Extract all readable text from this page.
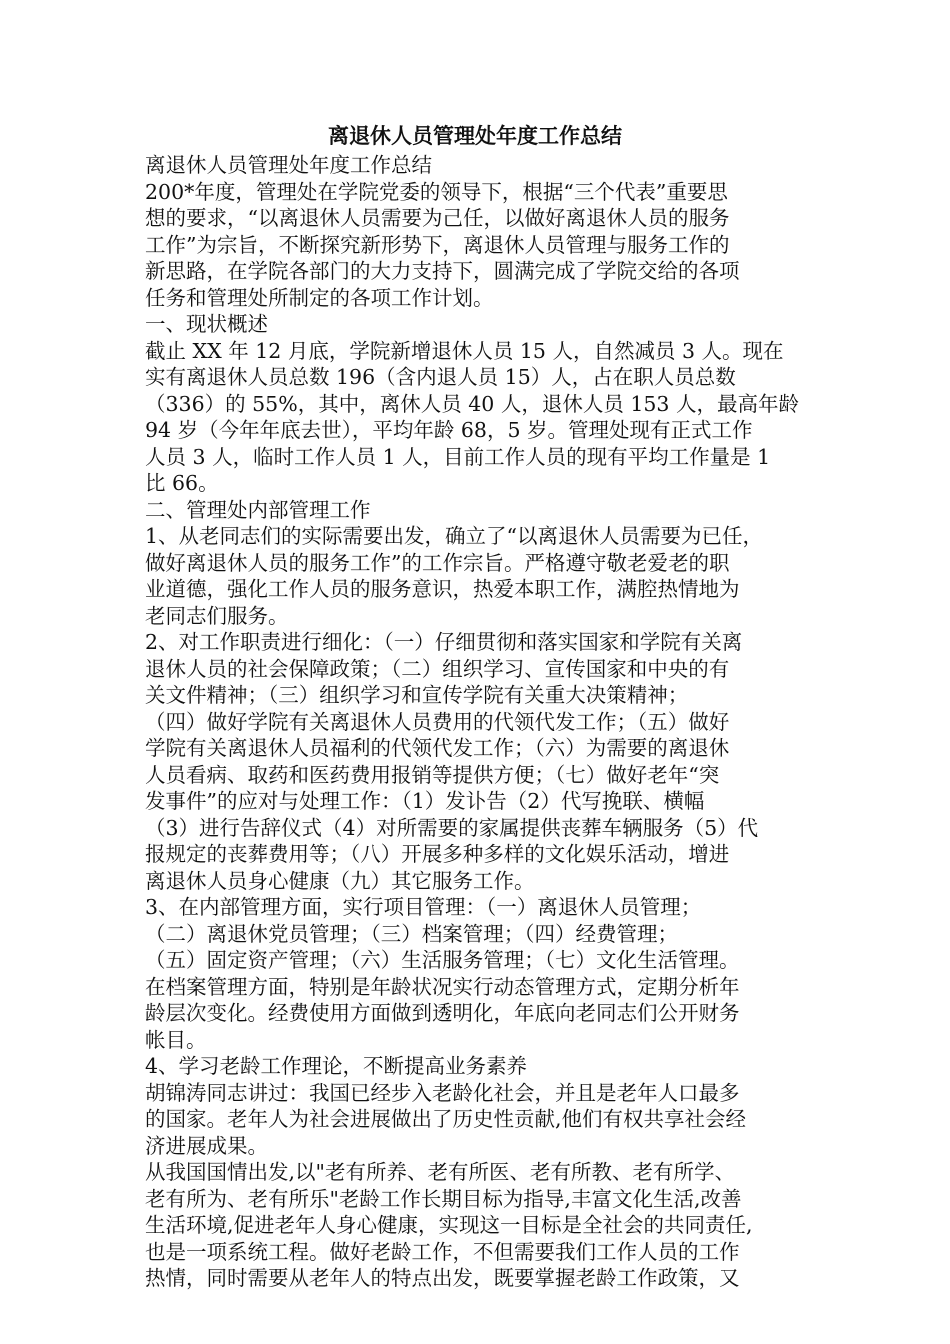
离退休人员管理处年度工作总结

离退休人员管理处年度工作总结

200*年度，管理处在学院党委的领导下，根据“三个代表”重要思

想的要求，“以离退休人员需要为己任，以做好离退休人员的服务

工作”为宗旨，不断探究新形势下，离退休人员管理与服务工作的

新思路，在学院各部门的大力支持下，圆满完成了学院交给的各项

任务和管理处所制定的各项工作计划。

一、现状概述

截止 XX 年 12 月底，学院新增退休人员 15 人，自然减员 3 人。现在

实有离退休人员总数 196（含内退人员 15）人，占在职人员总数

（336）的 55%，其中，离休人员 40 人，退休人员 153 人，最高年龄

94 岁（今年年底去世），平均年龄 68，5 岁。管理处现有正式工作

人员 3 人，临时工作人员 1 人，目前工作人员的现有平均工作量是 1

比 66。

二、管理处内部管理工作

1、从老同志们的实际需要出发，确立了“以离退休人员需要为已任，

做好离退休人员的服务工作”的工作宗旨。严格遵守敬老爱老的职

业道德，强化工作人员的服务意识，热爱本职工作，满腔热情地为

老同志们服务。

2、对工作职责进行细化：（一）仔细贯彻和落实国家和学院有关离

退休人员的社会保障政策；（二）组织学习、宣传国家和中央的有

关文件精神；（三）组织学习和宣传学院有关重大决策精神；

（四）做好学院有关离退休人员费用的代领代发工作；（五）做好

学院有关离退休人员福利的代领代发工作；（六）为需要的离退休

人员看病、取药和医药费用报销等提供方便；（七）做好老年“突

发事件”的应对与处理工作：（1）发讣告（2）代写挽联、横幅

（3）进行告辞仪式（4）对所需要的家属提供丧葬车辆服务（5）代

报规定的丧葬费用等；（八）开展多种多样的文化娱乐活动，增进

离退休人员身心健康（九）其它服务工作。

3、在内部管理方面，实行项目管理：（一）离退休人员管理；

（二）离退休党员管理；（三）档案管理；（四）经费管理；

（五）固定资产管理；（六）生活服务管理；（七）文化生活管理。

在档案管理方面，特别是年龄状况实行动态管理方式，定期分析年

龄层次变化。经费使用方面做到透明化，年底向老同志们公开财务

帐目。

4、学习老龄工作理论，不断提高业务素养

胡锦涛同志讲过：我国已经步入老龄化社会，并且是老年人口最多

的国家。老年人为社会进展做出了历史性贡献,他们有权共享社会经

济进展成果。

从我国国情出发,以"老有所养、老有所医、老有所教、老有所学、

老有所为、老有所乐"老龄工作长期目标为指导,丰富文化生活,改善

生活环境,促进老年人身心健康，实现这一目标是全社会的共同责任,

也是一项系统工程。做好老龄工作，不但需要我们工作人员的工作

热情，同时需要从老年人的特点出发，既要掌握老龄工作政策，又
